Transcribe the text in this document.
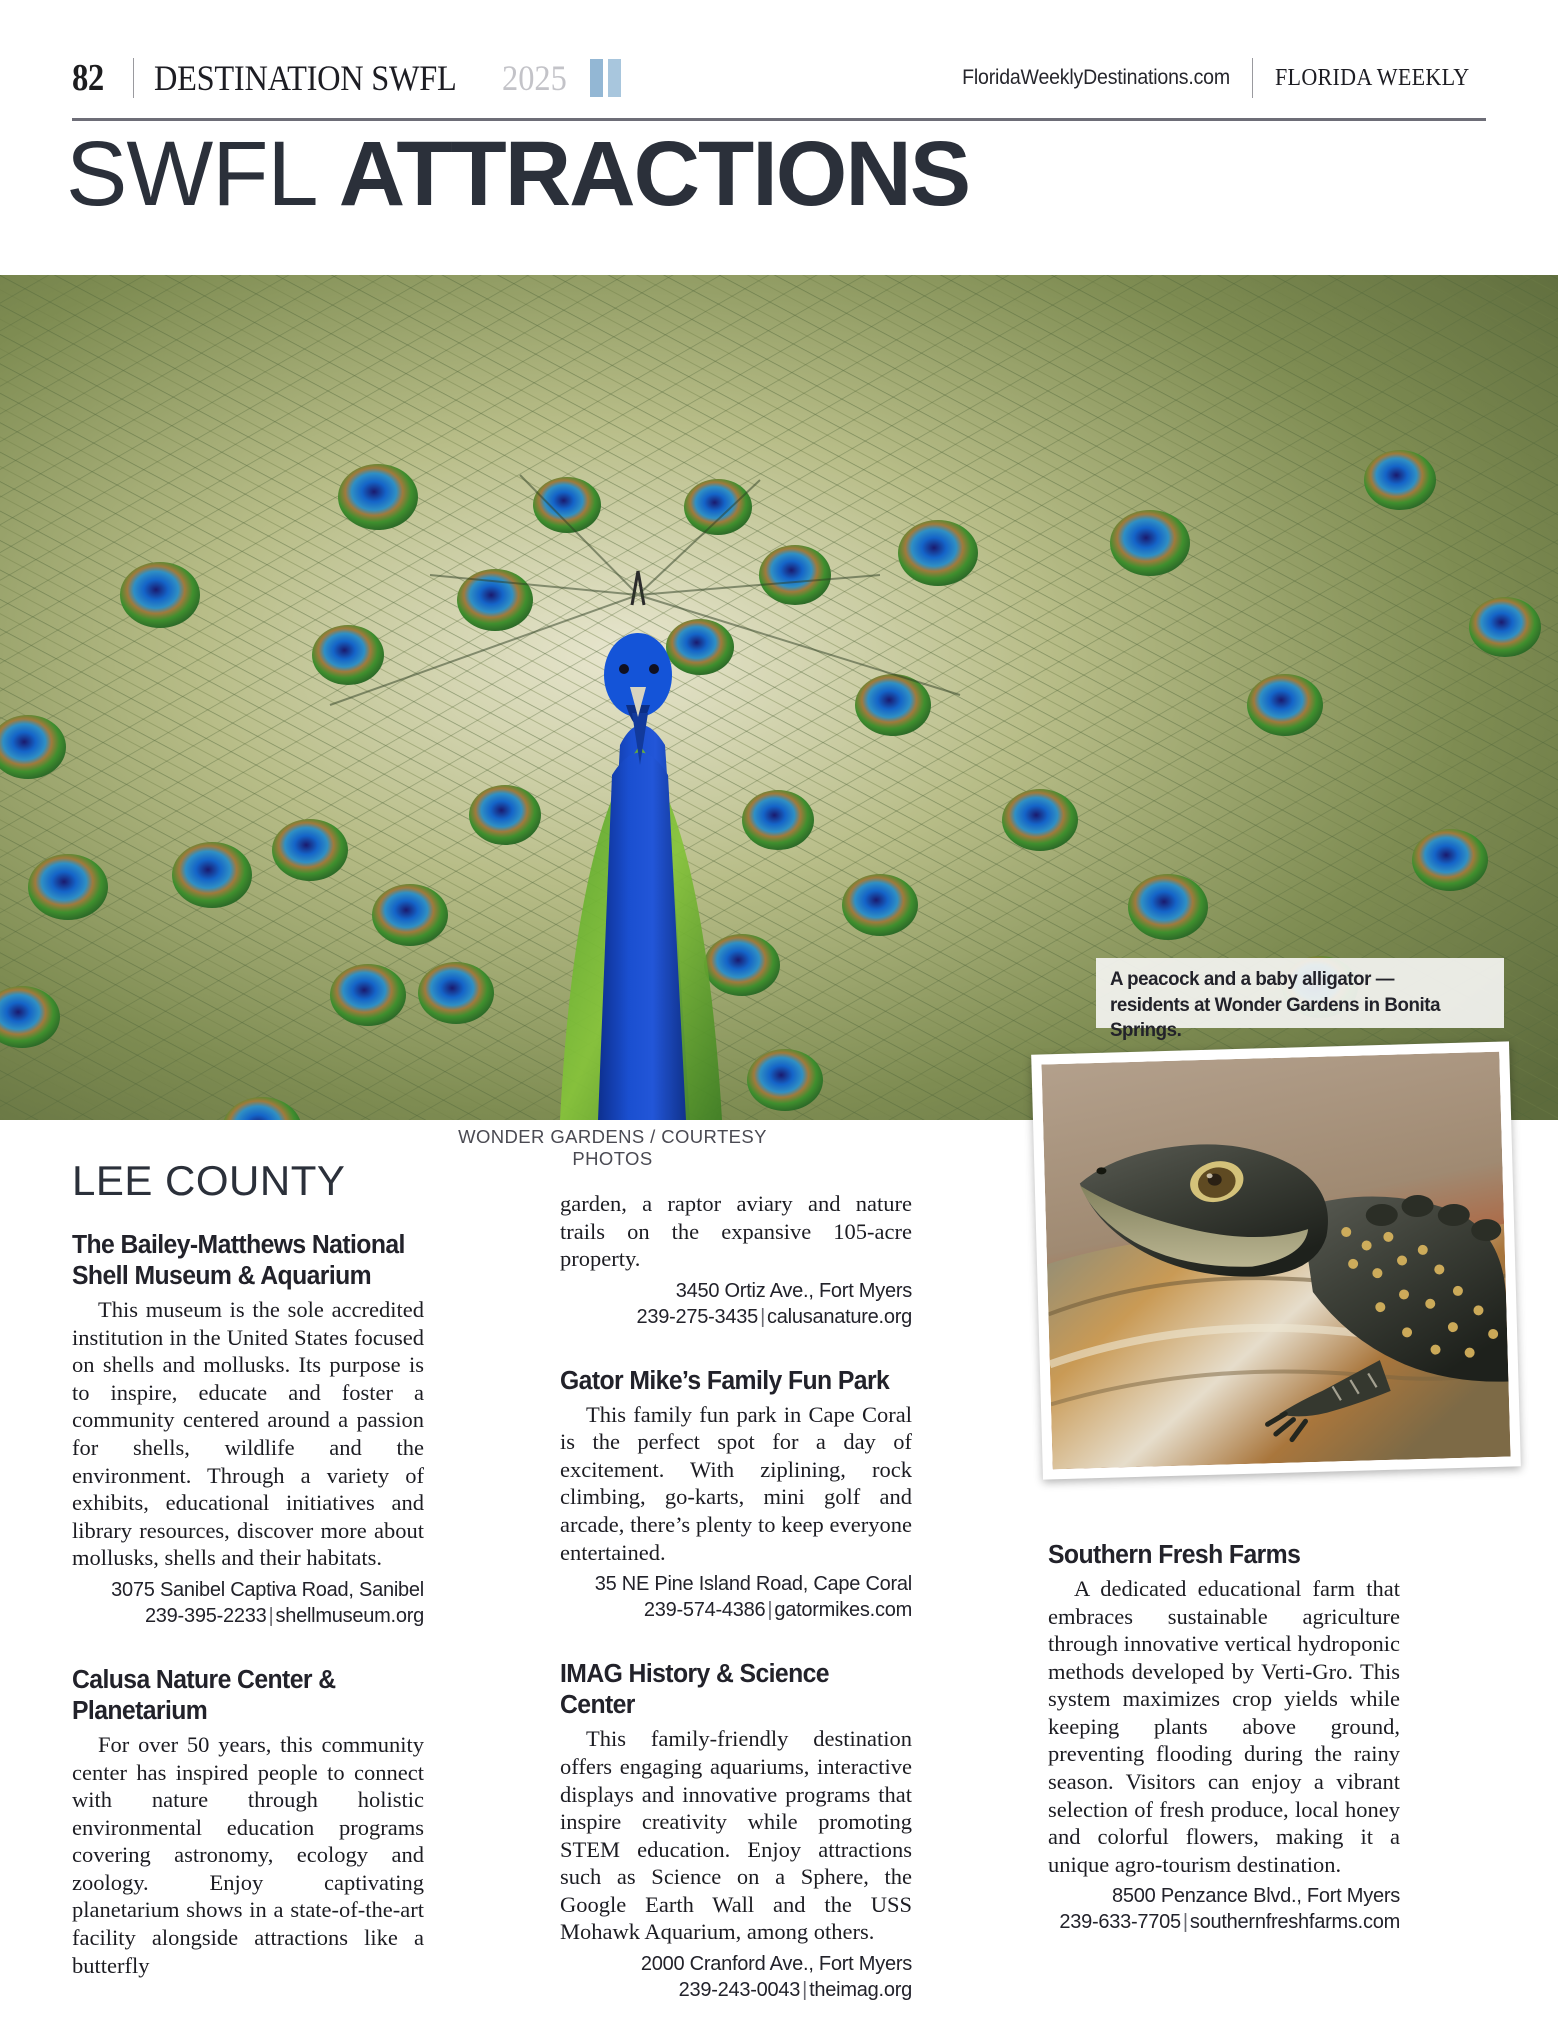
82 DESTINATION SWFL 2025	FloridaWeeklyDestinations.com FLORIDA WEEKLY
SWFL ATTRACTIONS

A peacock and a baby alligator — residents at Wonder Gardens in Bonita Springs.

WONDER GARDENS / COURTESY PHOTOS
LEE COUNTY
The Bailey-Matthews National Shell Museum & Aquarium

This museum is the sole accredited institution in the United States focused on shells and mollusks. Its purpose is to inspire, educate and foster a community centered around a passion for shells, wildlife and the environment. Through a variety of exhibits, educational initiatives and library resources, discover more about mollusks, shells and their habitats.

3075 Sanibel Captiva Road, Sanibel
239-395-2233 | shellmuseum.org
Calusa Nature Center & Planetarium

For over 50 years, this community center has inspired people to connect with nature through holistic environmental education programs covering astronomy, ecology and zoology. Enjoy captivating planetarium shows in a state-of-the-art facility alongside attractions like a butterfly

garden, a raptor aviary and nature trails on the expansive 105-acre property.

3450 Ortiz Ave., Fort Myers
239-275-3435 | calusanature.org
Gator Mike’s Family Fun Park

This family fun park in Cape Coral is the perfect spot for a day of excitement. With ziplining, rock climbing, go-karts, mini golf and arcade, there’s plenty to keep everyone entertained.

35 NE Pine Island Road, Cape Coral
239-574-4386 | gatormikes.com
IMAG History & Science Center

This family-friendly destination offers engaging aquariums, interactive displays and innovative programs that inspire creativity while promoting STEM education. Enjoy attractions such as Science on a Sphere, the Google Earth Wall and the USS Mohawk Aquarium, among others.

2000 Cranford Ave., Fort Myers
239-243-0043 | theimag.org
Southern Fresh Farms

A dedicated educational farm that embraces sustainable agriculture through innovative vertical hydroponic methods developed by Verti-Gro. This system maximizes crop yields while keeping plants above ground, preventing flooding during the rainy season. Visitors can enjoy a vibrant selection of fresh produce, local honey and colorful flowers, making it a unique agro-tourism destination.

8500 Penzance Blvd., Fort Myers
239-633-7705 | southernfreshfarms.com
